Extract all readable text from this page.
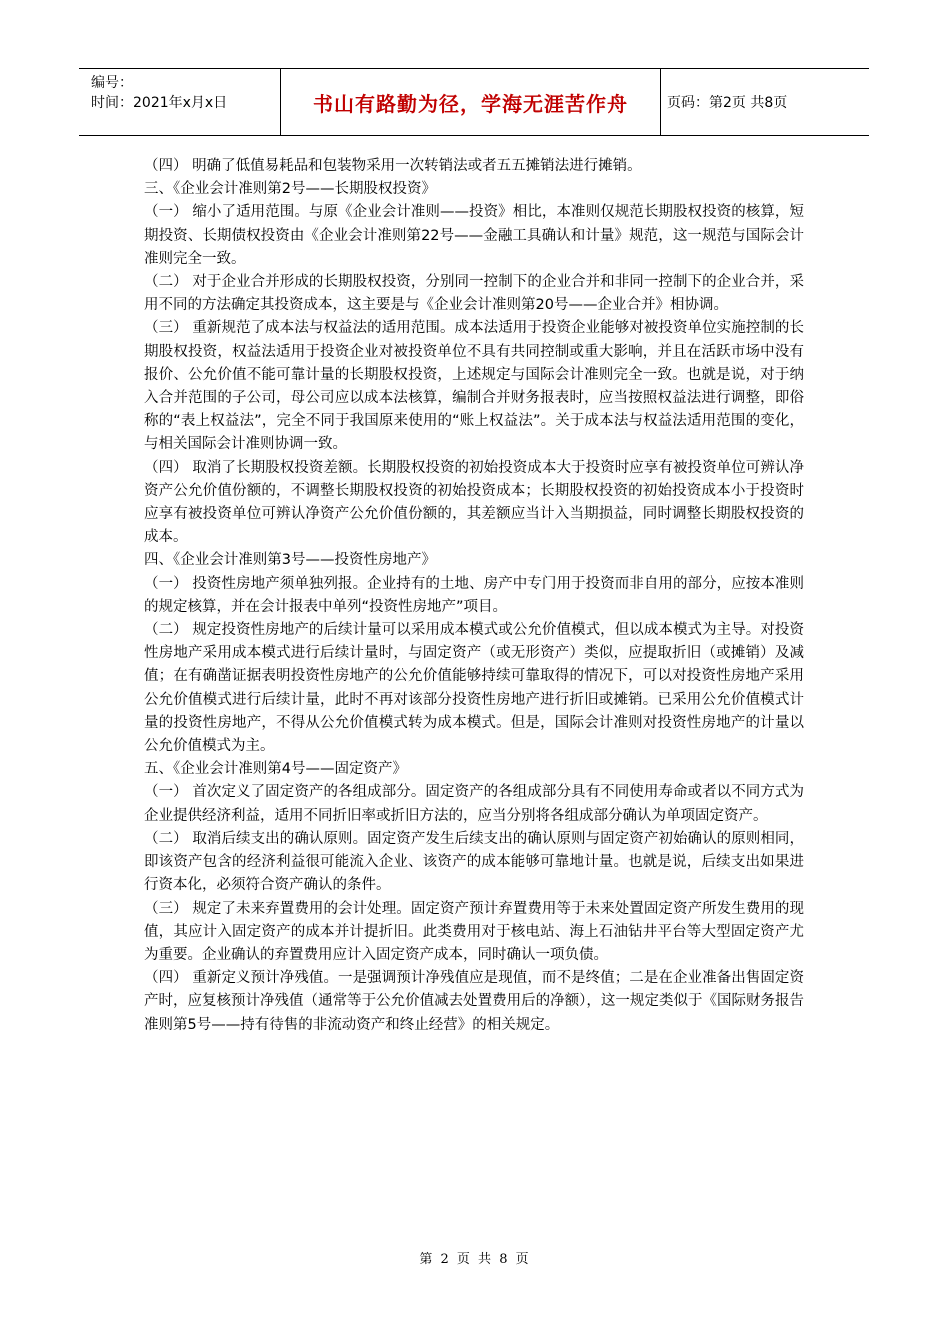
编号：
时间：2021年x月x日	书山有路勤为径，学海无涯苦作舟	页码：第2页 共8页

（四） 明确了低值易耗品和包装物采用一次转销法或者五五摊销法进行摊销。

三、《企业会计准则第2号——长期股权投资》

（一） 缩小了适用范围。与原《企业会计准则——投资》相比，本准则仅规范长期股权投资的核算，短期投资、长期债权投资由《企业会计准则第22号——金融工具确认和计量》规范，这一规范与国际会计准则完全一致。

（二） 对于企业合并形成的长期股权投资，分别同一控制下的企业合并和非同一控制下的企业合并，采用不同的方法确定其投资成本，这主要是与《企业会计准则第20号——企业合并》相协调。

（三） 重新规范了成本法与权益法的适用范围。成本法适用于投资企业能够对被投资单位实施控制的长期股权投资，权益法适用于投资企业对被投资单位不具有共同控制或重大影响，并且在活跃市场中没有报价、公允价值不能可靠计量的长期股权投资，上述规定与国际会计准则完全一致。也就是说，对于纳入合并范围的子公司，母公司应以成本法核算，编制合并财务报表时，应当按照权益法进行调整，即俗称的“表上权益法”，完全不同于我国原来使用的“账上权益法”。关于成本法与权益法适用范围的变化，与相关国际会计准则协调一致。

（四） 取消了长期股权投资差额。长期股权投资的初始投资成本大于投资时应享有被投资单位可辨认净资产公允价值份额的，不调整长期股权投资的初始投资成本；长期股权投资的初始投资成本小于投资时应享有被投资单位可辨认净资产公允价值份额的，其差额应当计入当期损益，同时调整长期股权投资的成本。

四、《企业会计准则第3号——投资性房地产》

（一） 投资性房地产须单独列报。企业持有的土地、房产中专门用于投资而非自用的部分，应按本准则的规定核算，并在会计报表中单列“投资性房地产”项目。

（二） 规定投资性房地产的后续计量可以采用成本模式或公允价值模式，但以成本模式为主导。对投资性房地产采用成本模式进行后续计量时，与固定资产（或无形资产）类似，应提取折旧（或摊销）及减值；在有确凿证据表明投资性房地产的公允价值能够持续可靠取得的情况下，可以对投资性房地产采用公允价值模式进行后续计量，此时不再对该部分投资性房地产进行折旧或摊销。已采用公允价值模式计量的投资性房地产，不得从公允价值模式转为成本模式。但是，国际会计准则对投资性房地产的计量以公允价值模式为主。

五、《企业会计准则第4号——固定资产》

（一） 首次定义了固定资产的各组成部分。固定资产的各组成部分具有不同使用寿命或者以不同方式为企业提供经济利益，适用不同折旧率或折旧方法的，应当分别将各组成部分确认为单项固定资产。

（二） 取消后续支出的确认原则。固定资产发生后续支出的确认原则与固定资产初始确认的原则相同，即该资产包含的经济利益很可能流入企业、该资产的成本能够可靠地计量。也就是说，后续支出如果进行资本化，必须符合资产确认的条件。

（三） 规定了未来弃置费用的会计处理。固定资产预计弃置费用等于未来处置固定资产所发生费用的现值，其应计入固定资产的成本并计提折旧。此类费用对于核电站、海上石油钻井平台等大型固定资产尤为重要。企业确认的弃置费用应计入固定资产成本，同时确认一项负债。

（四） 重新定义预计净残值。一是强调预计净残值应是现值，而不是终值；二是在企业准备出售固定资产时，应复核预计净残值（通常等于公允价值减去处置费用后的净额），这一规定类似于《国际财务报告准则第5号——持有待售的非流动资产和终止经营》的相关规定。

第 2 页 共 8 页
